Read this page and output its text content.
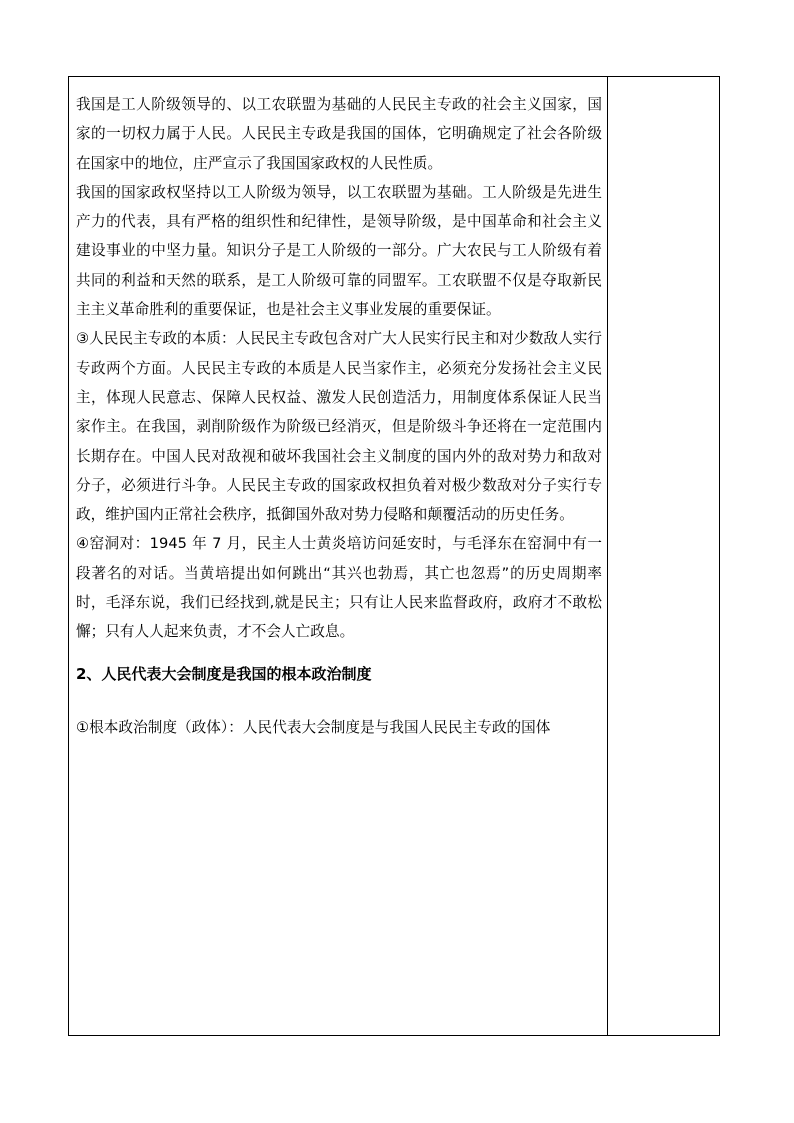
我国是工人阶级领导的、以工农联盟为基础的人民民主专政的社会主义国家，国家的一切权力属于人民。人民民主专政是我国的国体，它明确规定了社会各阶级在国家中的地位，庄严宣示了我国国家政权的人民性质。

我国的国家政权坚持以工人阶级为领导，以工农联盟为基础。工人阶级是先进生产力的代表，具有严格的组织性和纪律性，是领导阶级，是中国革命和社会主义建设事业的中坚力量。知识分子是工人阶级的一部分。广大农民与工人阶级有着共同的利益和天然的联系，是工人阶级可靠的同盟军。工农联盟不仅是夺取新民主主义革命胜利的重要保证，也是社会主义事业发展的重要保证。

③人民民主专政的本质：人民民主专政包含对广大人民实行民主和对少数敌人实行专政两个方面。人民民主专政的本质是人民当家作主，必须充分发扬社会主义民主，体现人民意志、保障人民权益、激发人民创造活力，用制度体系保证人民当家作主。在我国，剥削阶级作为阶级已经消灭，但是阶级斗争还将在一定范围内长期存在。中国人民对敌视和破坏我国社会主义制度的国内外的敌对势力和敌对分子，必须进行斗争。人民民主专政的国家政权担负着对极少数敌对分子实行专政，维护国内正常社会秩序，抵御国外敌对势力侵略和颠覆活动的历史任务。

④窑洞对：1945 年 7 月，民主人士黄炎培访问延安时，与毛泽东在窑洞中有一段著名的对话。当黄培提出如何跳出“其兴也勃焉，其亡也忽焉”的历史周期率时，毛泽东说，我们已经找到,就是民主；只有让人民来监督政府，政府才不敢松懈；只有人人起来负责，才不会人亡政息。

2、人民代表大会制度是我国的根本政治制度

①根本政治制度（政体）：人民代表大会制度是与我国人民民主专政的国体
